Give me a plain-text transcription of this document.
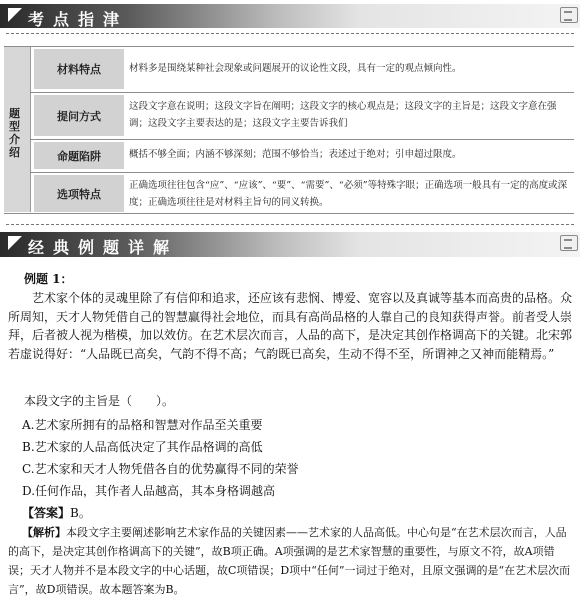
考点指津
题型介绍
材料特点	材料多是围绕某种社会现象或问题展开的议论性文段，具有一定的观点倾向性。
提问方式
这段文字意在说明；这段文字旨在阐明；这段文字的核心观点是；这段文字的主旨是；这段文字意在强调；这段文字主要表达的是；这段文字主要告诉我们
命题陷阱	概括不够全面；内涵不够深刻；范围不够恰当；表述过于绝对；引申超过限度。
选项特点
正确选项往往包含“应”、“应该”、“要”、“需要”、“必须”等特殊字眼；正确选项一般具有一定的高度或深度；正确选项往往是对材料主旨句的同义转换。
经典例题详解
例题 1：
艺术家个体的灵魂里除了有信仰和追求，还应该有悲悯、博爱、宽容以及真诚等基本而高贵的品格。众所周知，天才人物凭借自己的智慧赢得社会地位，而具有高尚品格的人靠自己的良知获得声誉。前者受人崇拜，后者被人视为楷模，加以效仿。在艺术层次而言，人品的高下，是决定其创作格调高下的关键。北宋郭若虚说得好：“人品既已高矣，气韵不得不高；气韵既已高矣，生动不得不至，所谓神之又神而能精焉。”
本段文字的主旨是（　　）。
A.艺术家所拥有的品格和智慧对作品至关重要
B.艺术家的人品高低决定了其作品格调的高低
C.艺术家和天才人物凭借各自的优势赢得不同的荣誉
D.任何作品，其作者人品越高，其本身格调越高
【答案】B。
【解析】本段文字主要阐述影响艺术家作品的关键因素——艺术家的人品高低。中心句是“在艺术层次而言，人品的高下，是决定其创作格调高下的关键”，故B项正确。A项强调的是艺术家智慧的重要性，与原文不符，故A项错误；天才人物并不是本段文字的中心话题，故C项错误；D项中“任何”一词过于绝对，且原文强调的是“在艺术层次而言”，故D项错误。故本题答案为B。
